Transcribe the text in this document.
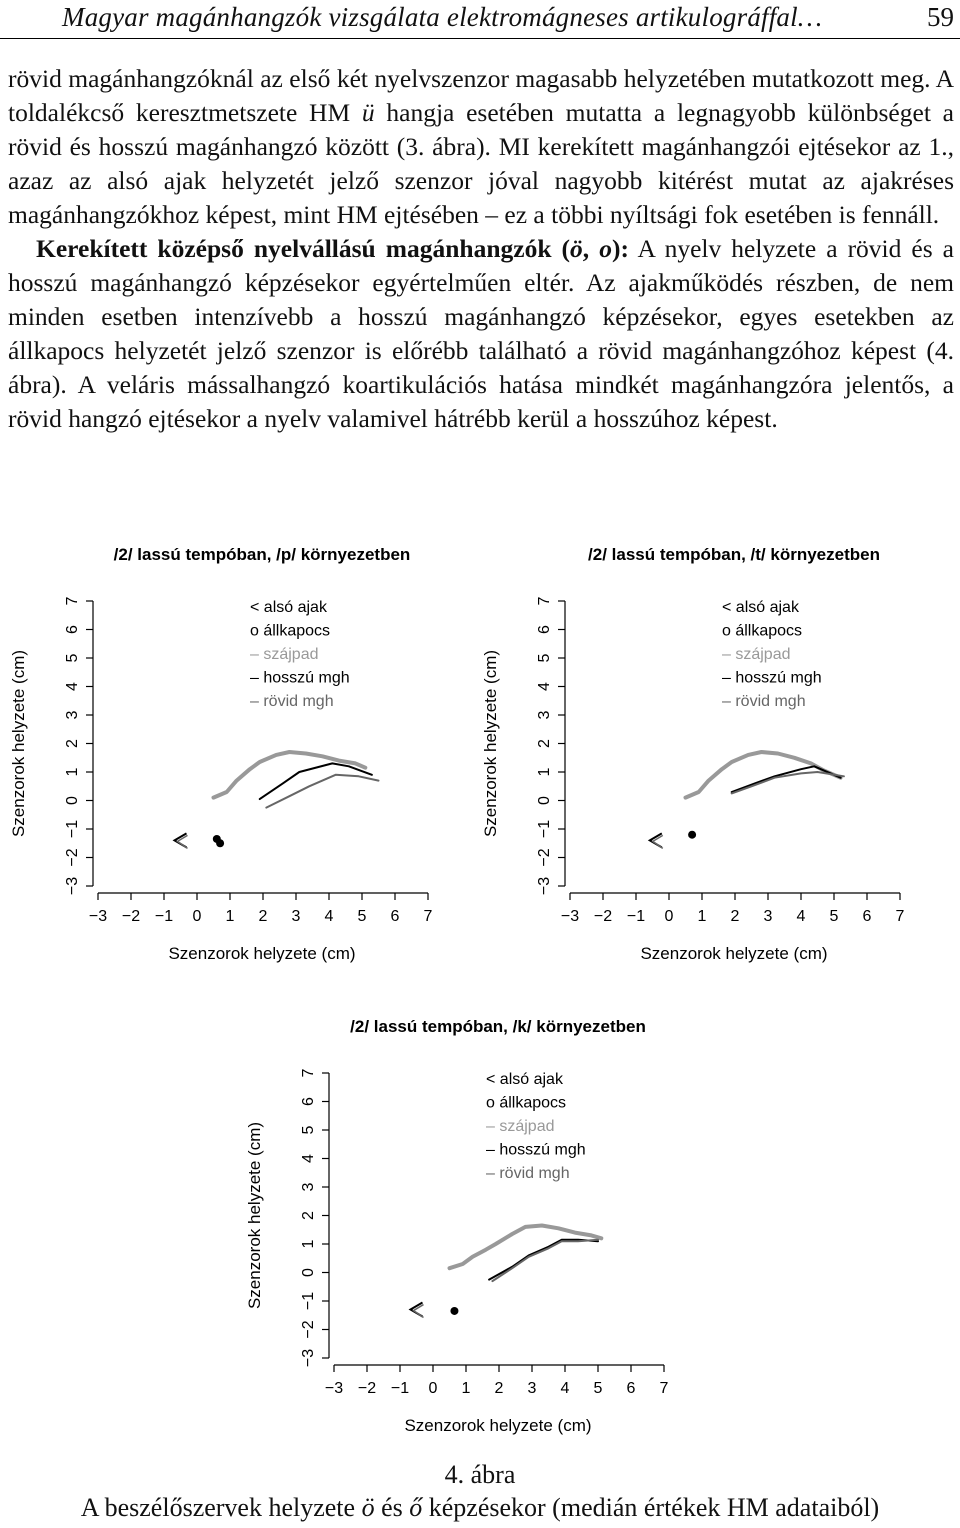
Magyar magánhangzók vizsgálata elektromágneses artikulográffal…	59

rövid magánhangzóknál az első két nyelvszenzor magasabb helyzetében mutatkozott meg. A toldalékcső keresztmetszete HM ü hangja esetében mutatta a legnagyobb különbséget a rövid és hosszú magánhangzó között (3. ábra). MI kerekített magánhangzói ejtésekor az 1., azaz az alsó ajak helyzetét jelző szenzor jóval nagyobb kitérést mutat az ajakréses magánhangzókhoz képest, mint HM ejtésében – ez a többi nyíltsági fok esetében is fennáll.

Kerekített középső nyelvállású magánhangzók (ö, o): A nyelv helyzete a rövid és a hosszú magánhangzó képzésekor egyértelműen eltér. Az ajakműködés részben, de nem minden esetben intenzívebb a hosszú magánhangzó képzésekor, egyes esetekben az állkapocs helyzetét jelző szenzor is előrébb található a rövid magánhangzóhoz képest (4. ábra). A veláris mássalhangzó koartikulációs hatása mindkét magánhangzóra jelentős, a rövid hangzó ejtésekor a nyelv valamivel hátrébb kerül a hosszúhoz képest.

/2/ lassú tempóban, /p/ környezetben
−3 −2 −1 0 1 2 3 4 5 6 7
Szenzorok helyzete (cm)
−3
−2
−1
0
1
2
3
4
5
6
7
Szenzorok helyzete (cm)
< alsó ajak
o állkapocs
– szájpad
– hosszú mgh
– rövid mgh
/2/ lassú tempóban, /t/ környezetben
−3 −2 −1 0 1 2 3 4 5 6 7
Szenzorok helyzete (cm)
−3
−2
−1
0
1
2
3
4
5
6
7
Szenzorok helyzete (cm)
< alsó ajak
o állkapocs
– szájpad
– hosszú mgh
– rövid mgh
/2/ lassú tempóban, /k/ környezetben
−3 −2 −1 0 1 2 3 4 5 6 7
Szenzorok helyzete (cm)
−3
−2
−1
0
1
2
3
4
5
6
7
Szenzorok helyzete (cm)
< alsó ajak
o állkapocs
– szájpad
– hosszú mgh
– rövid mgh
4. ábra
A beszélőszervek helyzete ö és ő képzésekor (medián értékek HM adataiból)
